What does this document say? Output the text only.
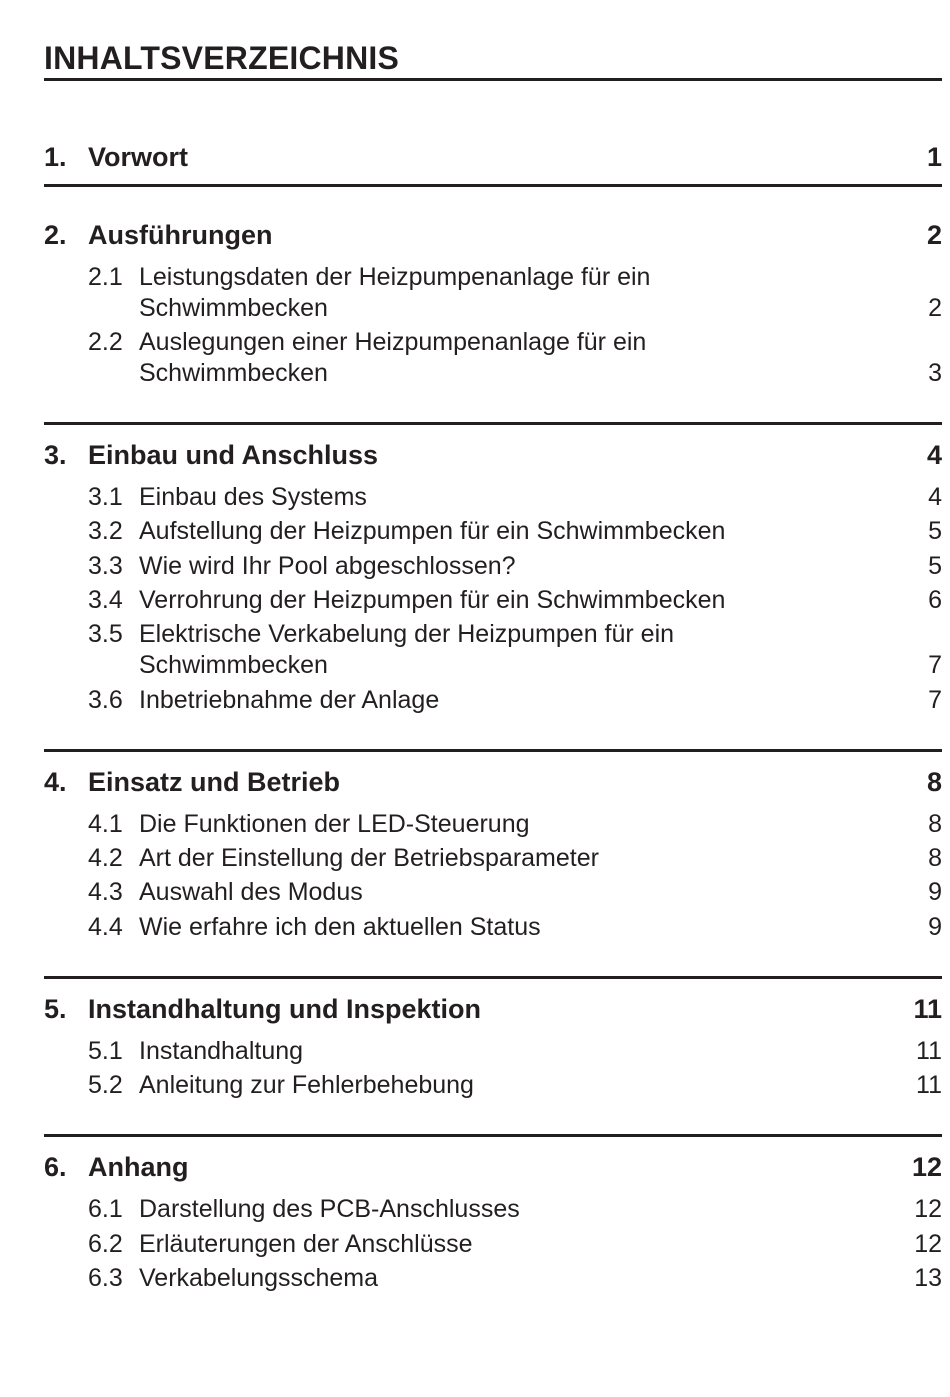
INHALTSVERZEICHNIS
1. Vorwort	1
2. Ausführungen	2
2.1 Leistungsdaten der Heizpumpenanlage für ein
Schwimmbecken	2
2.2 Auslegungen einer Heizpumpenanlage für ein
Schwimmbecken	3
3. Einbau und Anschluss	4
3.1 Einbau des Systems	4
3.2 Aufstellung der Heizpumpen für ein Schwimmbecken	5
3.3 Wie wird Ihr Pool abgeschlossen?	5
3.4 Verrohrung der Heizpumpen für ein Schwimmbecken	6
3.5 Elektrische Verkabelung der Heizpumpen für ein
Schwimmbecken	7
3.6 Inbetriebnahme der Anlage	7
4. Einsatz und Betrieb	8
4.1 Die Funktionen der LED-Steuerung	8
4.2 Art der Einstellung der Betriebsparameter	8
4.3 Auswahl des Modus	9
4.4 Wie erfahre ich den aktuellen Status	9
5. Instandhaltung und Inspektion	11
5.1 Instandhaltung	11
5.2 Anleitung zur Fehlerbehebung	11
6. Anhang	12
6.1 Darstellung des PCB-Anschlusses	12
6.2 Erläuterungen der Anschlüsse	12
6.3 Verkabelungsschema	13
